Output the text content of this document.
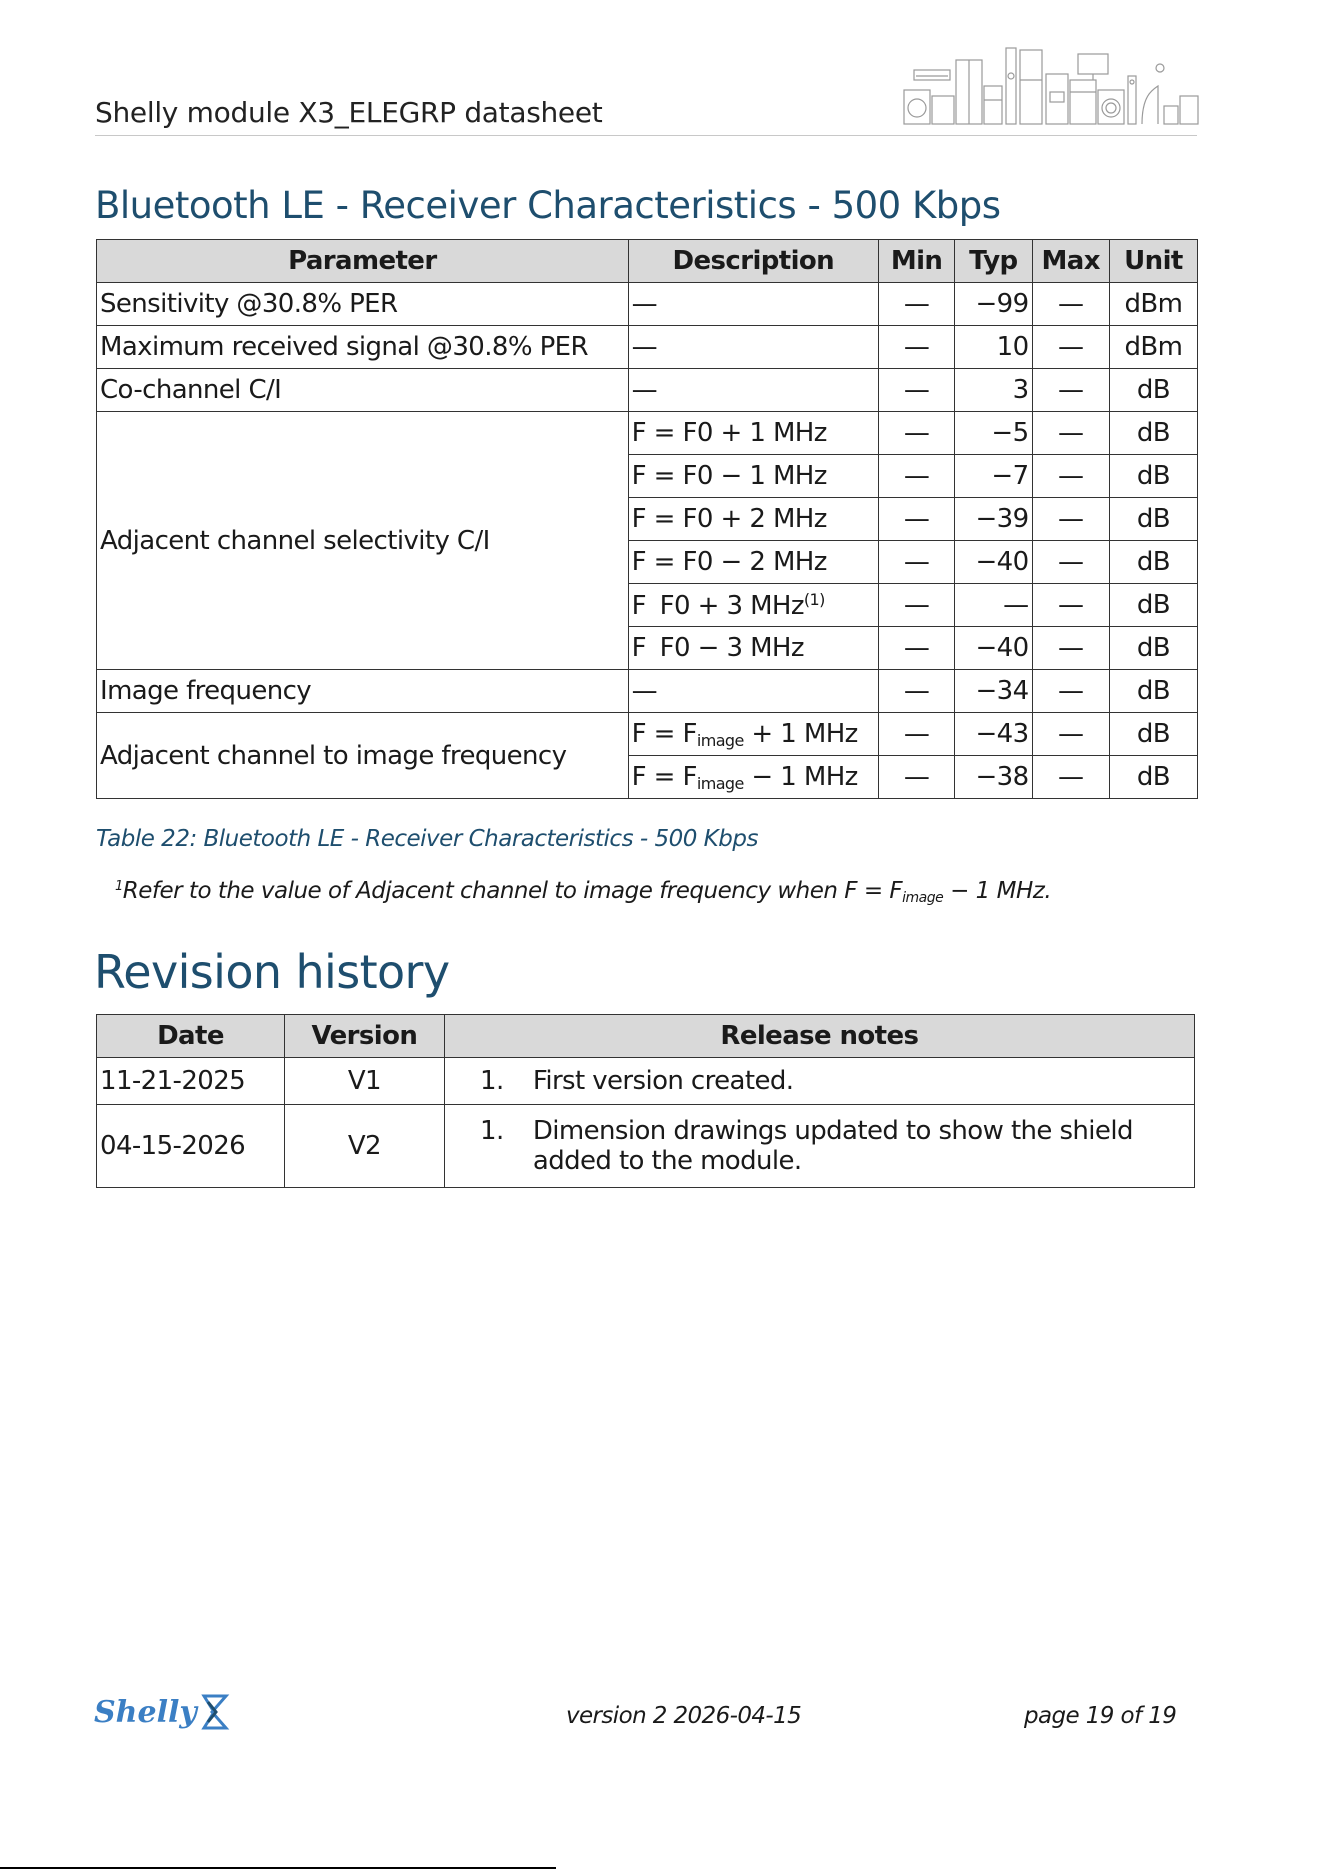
Shelly module X3_ELEGRP datasheet
Bluetooth LE - Receiver Characteristics - 500 Kbps
Parameter	Description	Min	Typ	Max	Unit
Sensitivity @30.8% PER	—	—	−99	—	dBm
Maximum received signal @30.8% PER	—	—	10	—	dBm
Co-channel C/I	—	—	3	—	dB
Adjacent channel selectivity C/I	F = F0 + 1 MHz	—	−5	—	dB
	F = F0 − 1 MHz	—	−7	—	dB
	F = F0 + 2 MHz	—	−39	—	dB
	F = F0 − 2 MHz	—	−40	—	dB
	F F0 + 3 MHz$^{(1)}$	—	—	—	dB
	F F0 − 3 MHz	—	−40	—	dB
Image frequency	—	—	−34	—	dB
Adjacent channel to image frequency	$F = F_{image} + 1$ MHz	—	−43	—	dB
	$F = F_{image} - 1$ MHz	—	−38	—	dB
Table 22: Bluetooth LE - Receiver Characteristics - 500 Kbps
$^1$Refer to the value of Adjacent channel to image frequency when $F = F_{image} - 1$ MHz.
Revision history
Date	Version	Release notes
11-21-2025	V1	1. First version created.

04-15-2026	V2	1. Dimension drawings updated to show the shield
added to the module.
Shelly	version 2 2026-04-15	page 19 of 19
